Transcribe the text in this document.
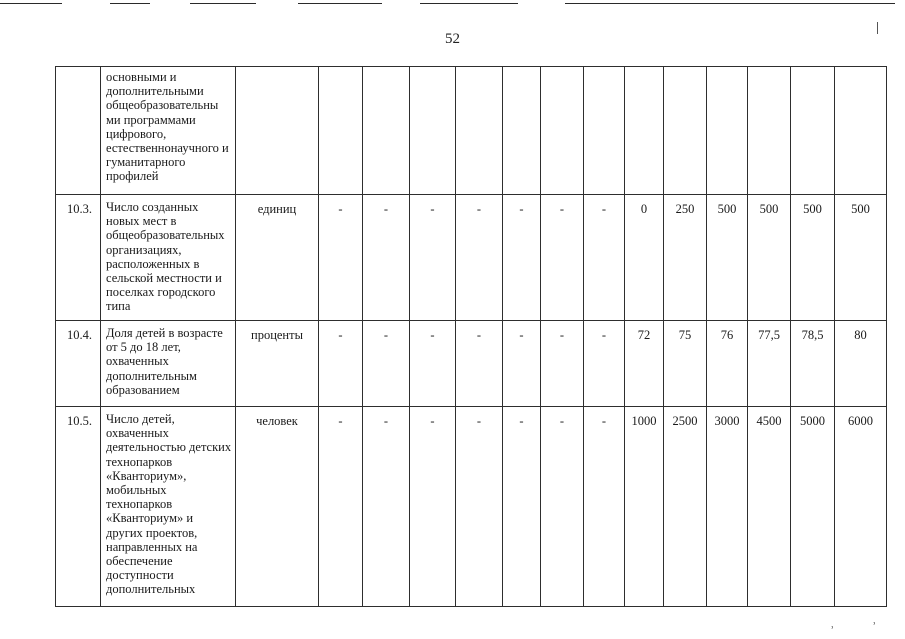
52
	основными и дополнительными общеобразовательны ми программами цифрового, естественнонаучного и гуманитарного профилей														
10.3.	Число созданных новых мест в общеобразовательных организациях, расположенных в сельской местности и поселках городского типа	единиц	-	-	-	-	-	-	-	0	250	500	500	500	500
10.4.	Доля детей в возрасте от 5 до 18 лет, охваченных дополнительным образованием	проценты	-	-	-	-	-	-	-	72	75	76	77,5	78,5	80
10.5.	Число детей, охваченных деятельностью детских технопарков «Кванториум», мобильных технопарков «Кванториум» и других проектов, направленных на обеспечение доступности дополнительных	человек	-	-	-	-	-	-	-	1000	2500	3000	4500	5000	6000
˒	˒
